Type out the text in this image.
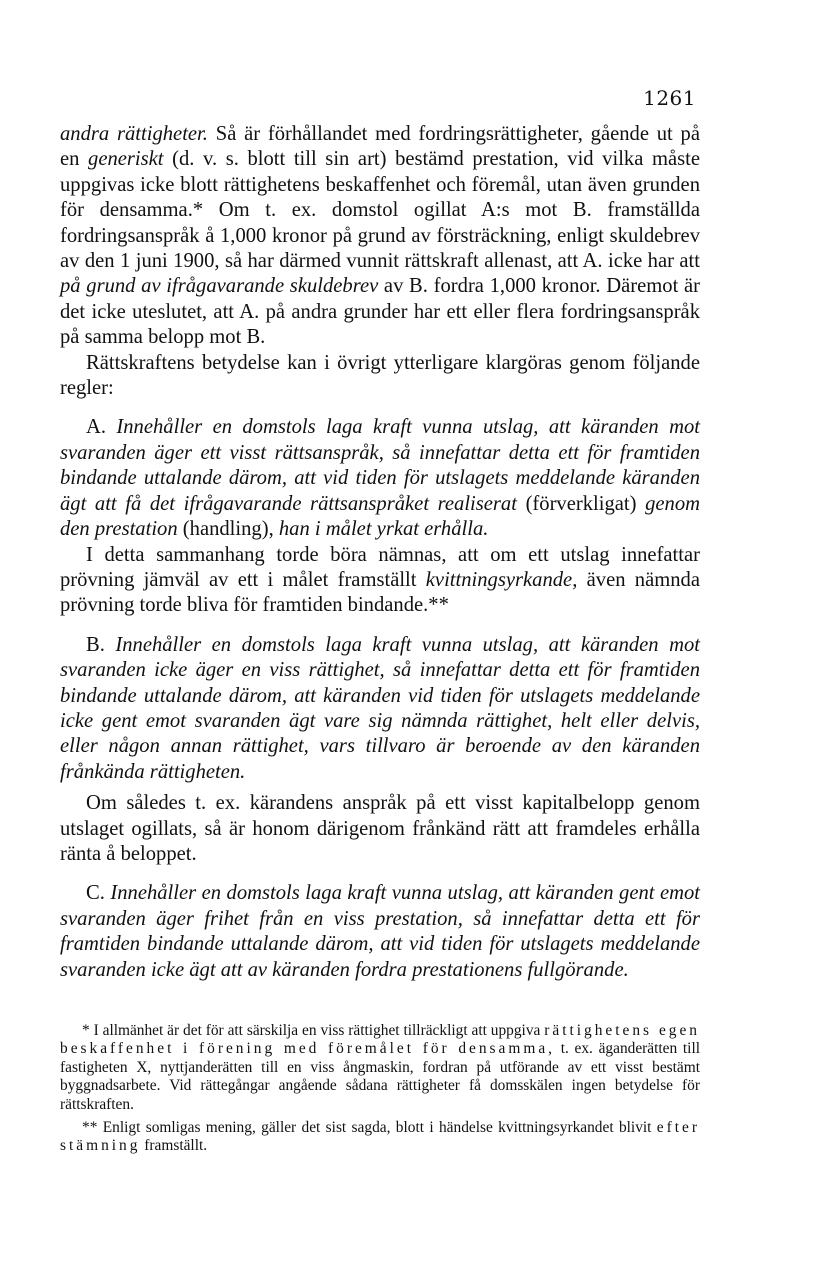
1261

andra rättigheter. Så är förhållandet med fordringsrättigheter, gående ut på en generiskt (d. v. s. blott till sin art) bestämd prestation, vid vilka måste uppgivas icke blott rättighetens beskaffenhet och föremål, utan även grunden för densamma.* Om t. ex. domstol ogillat A:s mot B. framställda fordringsanspråk å 1,000 kronor på grund av försträckning, enligt skuldebrev av den 1 juni 1900, så har därmed vunnit rättskraft allenast, att A. icke har att på grund av ifrågavarande skuldebrev av B. fordra 1,000 kronor. Däremot är det icke uteslutet, att A. på andra grunder har ett eller flera fordringsanspråk på samma belopp mot B.

Rättskraftens betydelse kan i övrigt ytterligare klargöras genom följande regler:

A. Innehåller en domstols laga kraft vunna utslag, att käranden mot svaranden äger ett visst rättsanspråk, så innefattar detta ett för framtiden bindande uttalande därom, att vid tiden för utslagets meddelande käranden ägt att få det ifrågavarande rättsanspråket realiserat (förverkligat) genom den prestation (handling), han i målet yrkat erhålla.

I detta sammanhang torde böra nämnas, att om ett utslag innefattar prövning jämväl av ett i målet framställt kvittningsyrkande, även nämnda prövning torde bliva för framtiden bindande.**

B. Innehåller en domstols laga kraft vunna utslag, att käranden mot svaranden icke äger en viss rättighet, så innefattar detta ett för framtiden bindande uttalande därom, att käranden vid tiden för utslagets meddelande icke gent emot svaranden ägt vare sig nämnda rättighet, helt eller delvis, eller någon annan rättighet, vars tillvaro är beroende av den käranden frånkända rättigheten.

Om således t. ex. kärandens anspråk på ett visst kapitalbelopp genom utslaget ogillats, så är honom därigenom frånkänd rätt att framdeles erhålla ränta å beloppet.

C. Innehåller en domstols laga kraft vunna utslag, att käranden gent emot svaranden äger frihet från en viss prestation, så innefattar detta ett för framtiden bindande uttalande därom, att vid tiden för utslagets meddelande svaranden icke ägt att av käranden fordra prestationens fullgörande.

* I allmänhet är det för att särskilja en viss rättighet tillräckligt att uppgiva rättighetens egen beskaffenhet i förening med föremålet för densamma, t. ex. äganderätten till fastigheten X, nyttjanderätten till en viss ångmaskin, fordran på utförande av ett visst bestämt byggnadsarbete. Vid rättegångar angående sådana rättigheter få domsskälen ingen betydelse för rättskraften.

** Enligt somligas mening, gäller det sist sagda, blott i händelse kvittningsyrkandet blivit efter stämning framställt.
